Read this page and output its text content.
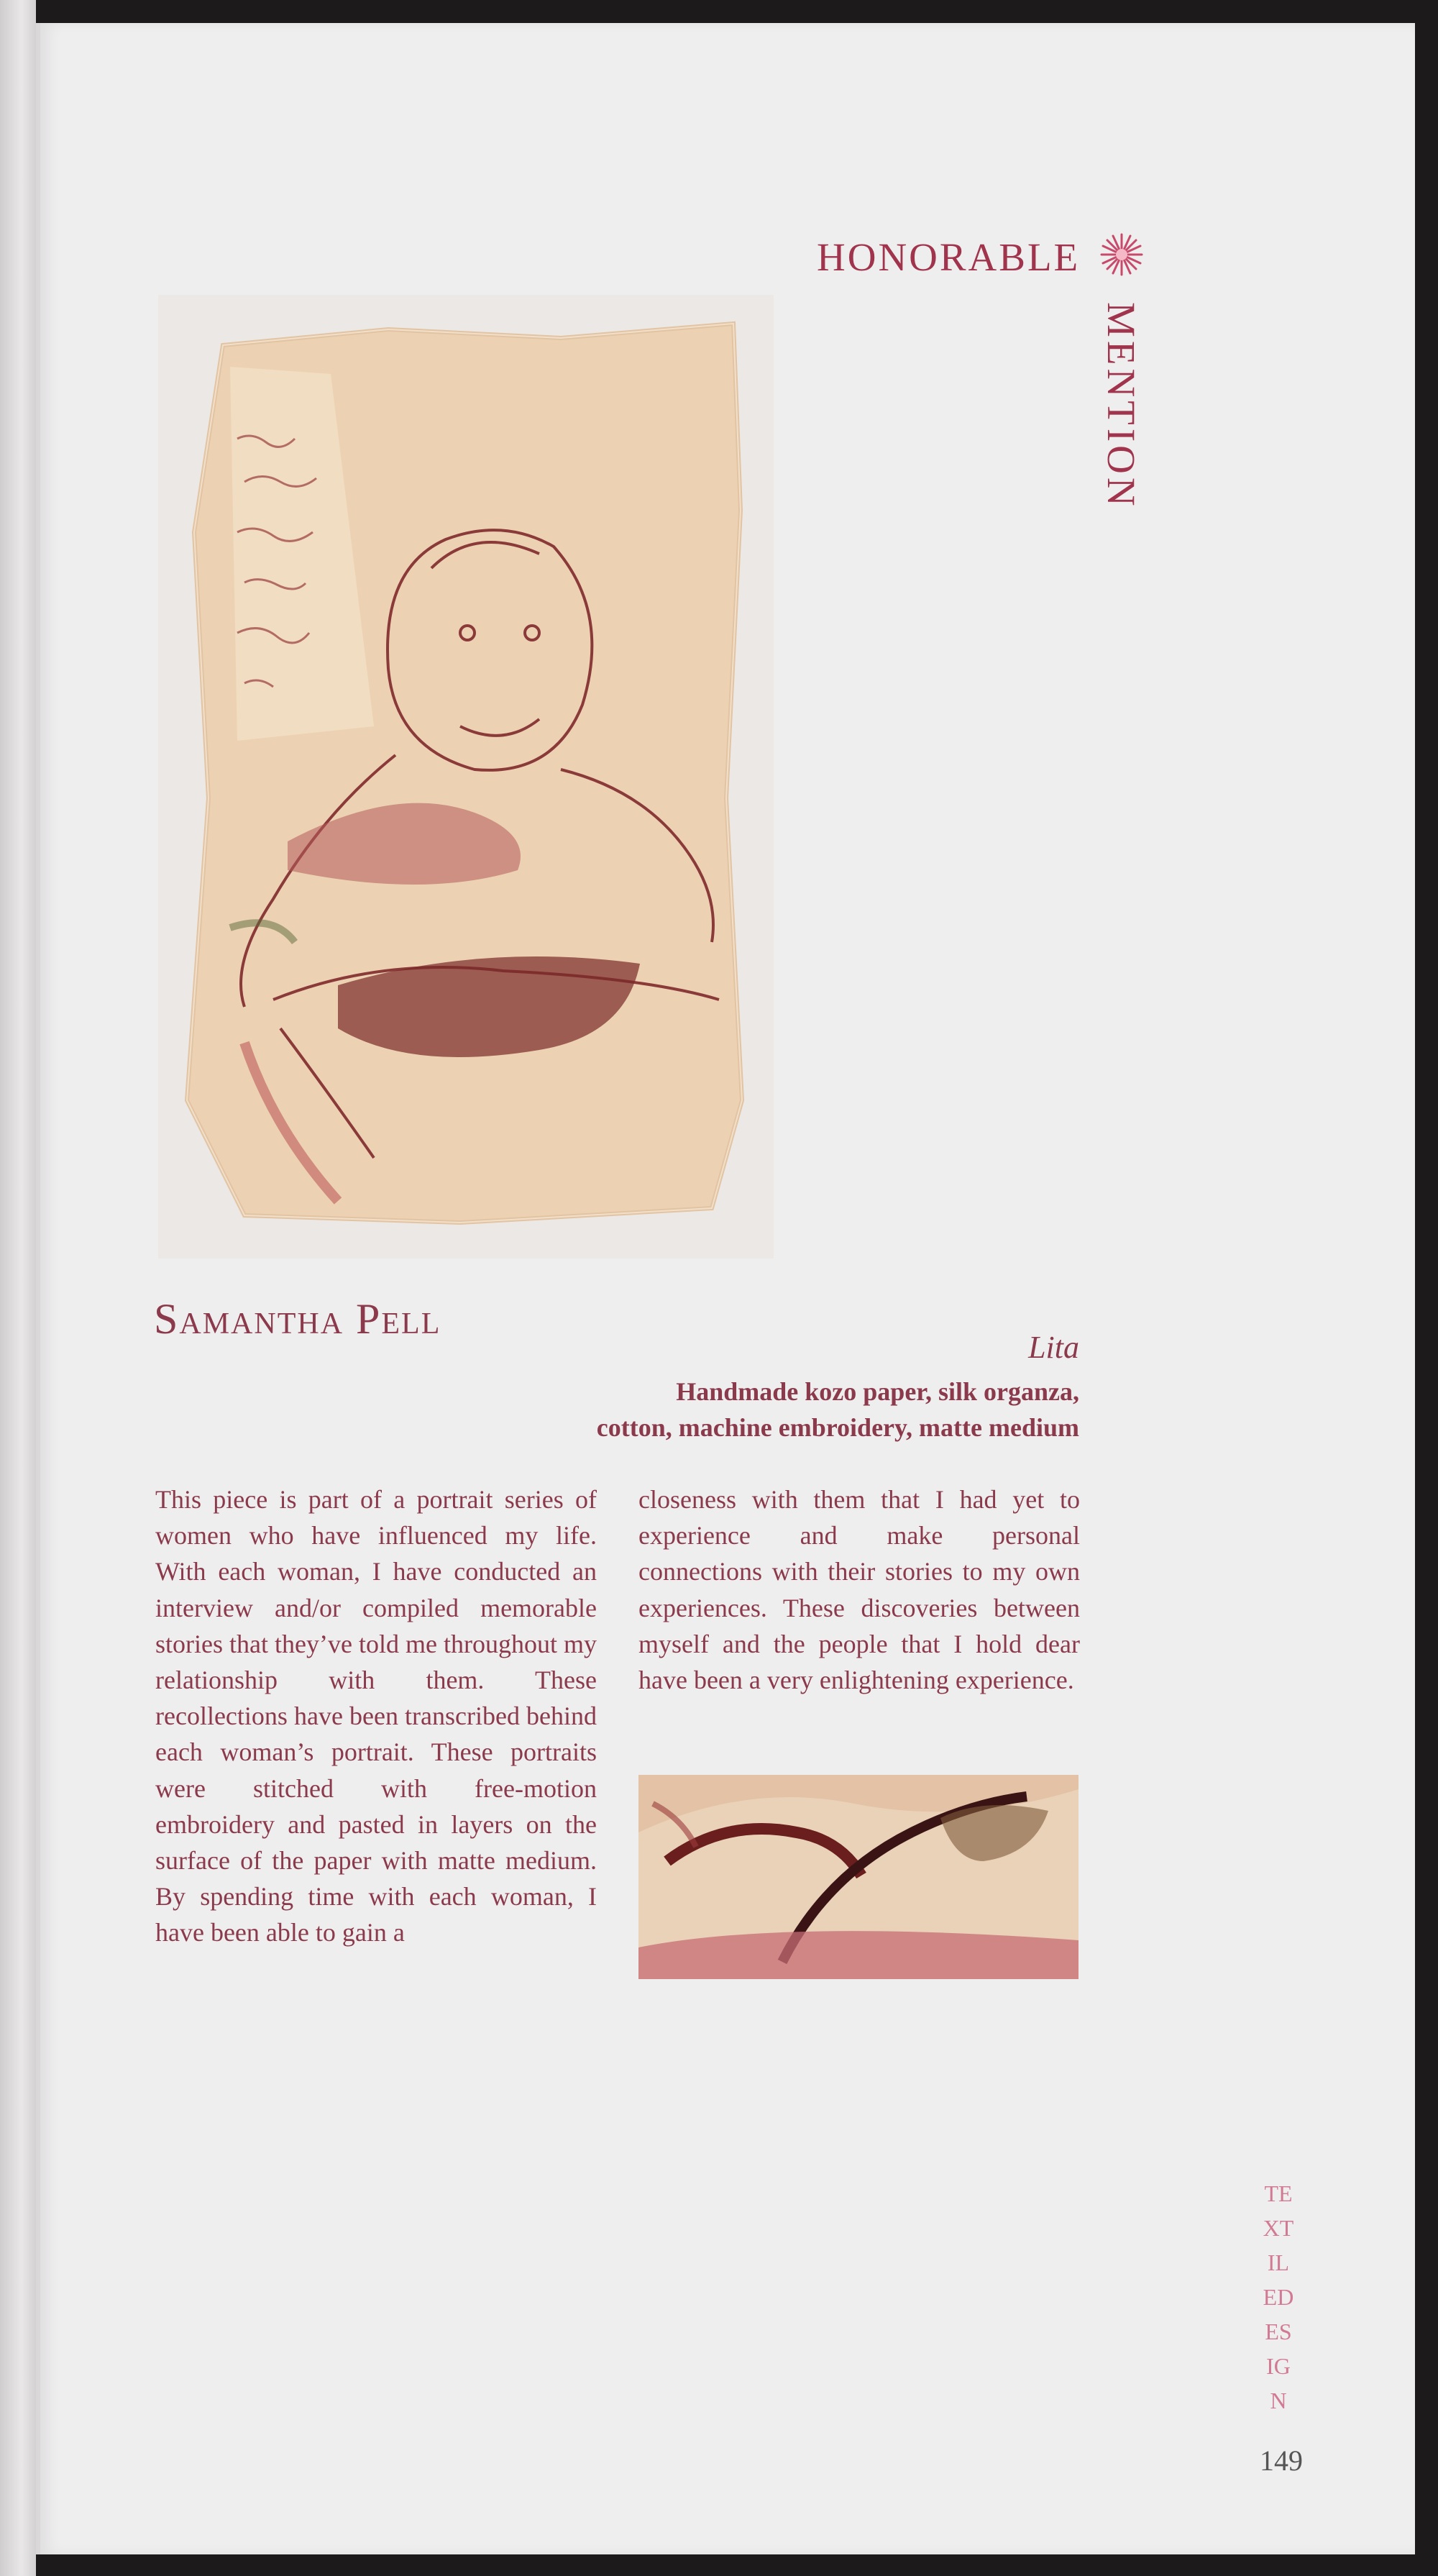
HONORABLE
MENTION
Samantha Pell
Lita
Handmade kozo paper, silk organza,
cotton, machine embroidery, matte medium
This piece is part of a portrait series of women who have influenced my life. With each woman, I have conducted an interview and/or compiled memorable stories that they’ve told me throughout my relationship with them. These recollections have been transcribed behind each woman’s portrait. These portraits were stitched with free-motion embroidery and pasted in layers on the surface of the paper with matte medium. By spending time with each woman, I have been able to gain a
closeness with them that I had yet to experience and make personal connections with their stories to my own experiences. These discoveries between myself and the people that I hold dear have been a very enlightening experience.
TE
XT
IL
ED
ES
IG
N
149
